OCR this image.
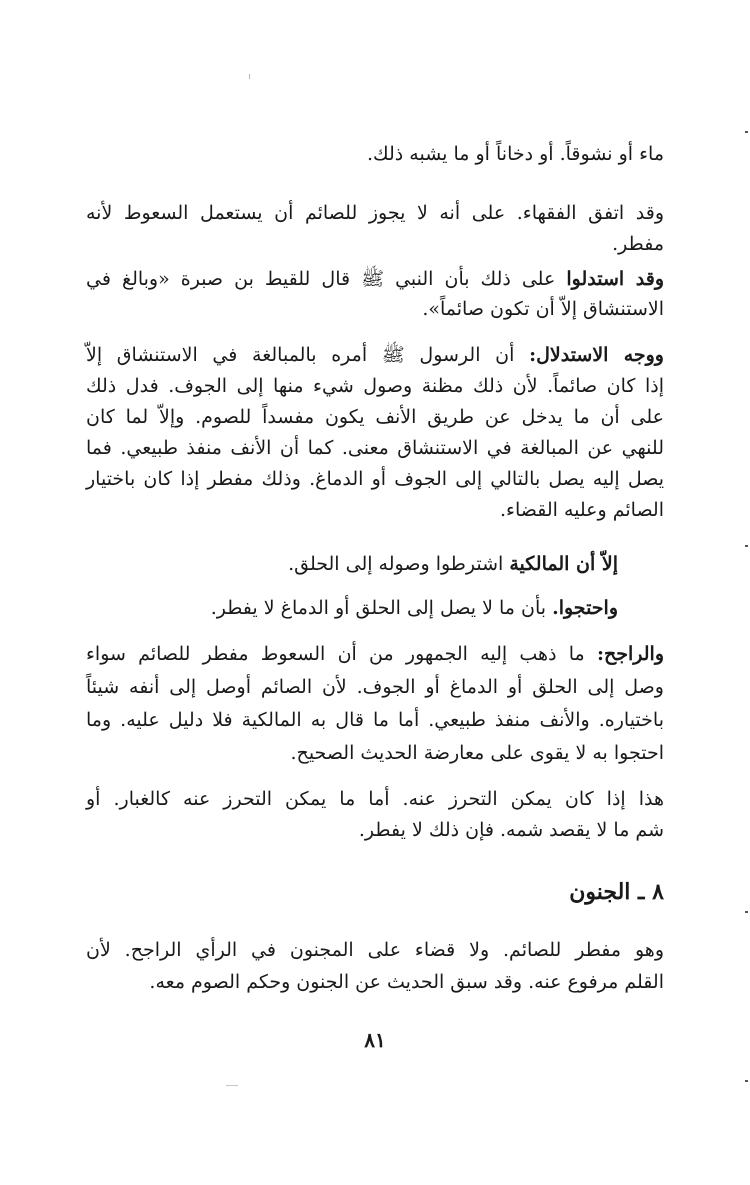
ماء أو نشوقاً. أو دخاناً أو ما يشبه ذلك.
وقد اتفق الفقهاء. على أنه لا يجوز للصائم أن يستعمل السعوط لأنه
مفطر.
وقد استدلوا على ذلك بأن النبي ﷺ قال للقيط بن صبرة «وبالغ في
الاستنشاق إلاّ أن تكون صائماً».
ووجه الاستدلال: أن الرسول ﷺ أمره بالمبالغة في الاستنشاق إلاّ
إذا كان صائماً. لأن ذلك مظنة وصول شيء منها إلى الجوف. فدل ذلك
على أن ما يدخل عن طريق الأنف يكون مفسداً للصوم. وإلاّ لما كان
للنهي عن المبالغة في الاستنشاق معنى. كما أن الأنف منفذ طبيعي. فما
يصل إليه يصل بالتالي إلى الجوف أو الدماغ. وذلك مفطر إذا كان باختيار
الصائم وعليه القضاء.
إلاّ أن المالكية اشترطوا وصوله إلى الحلق.
واحتجوا. بأن ما لا يصل إلى الحلق أو الدماغ لا يفطر.
والراجح: ما ذهب إليه الجمهور من أن السعوط مفطر للصائم سواء
وصل إلى الحلق أو الدماغ أو الجوف. لأن الصائم أوصل إلى أنفه شيئاً
باختياره. والأنف منفذ طبيعي. أما ما قال به المالكية فلا دليل عليه. وما
احتجوا به لا يقوى على معارضة الحديث الصحيح.
هذا إذا كان يمكن التحرز عنه. أما ما يمكن التحرز عنه كالغبار. أو
شم ما لا يقصد شمه. فإن ذلك لا يفطر.
٨ ـ الجنون
وهو مفطر للصائم. ولا قضاء على المجنون في الرأي الراجح. لأن
القلم مرفوع عنه. وقد سبق الحديث عن الجنون وحكم الصوم معه.
٨١
